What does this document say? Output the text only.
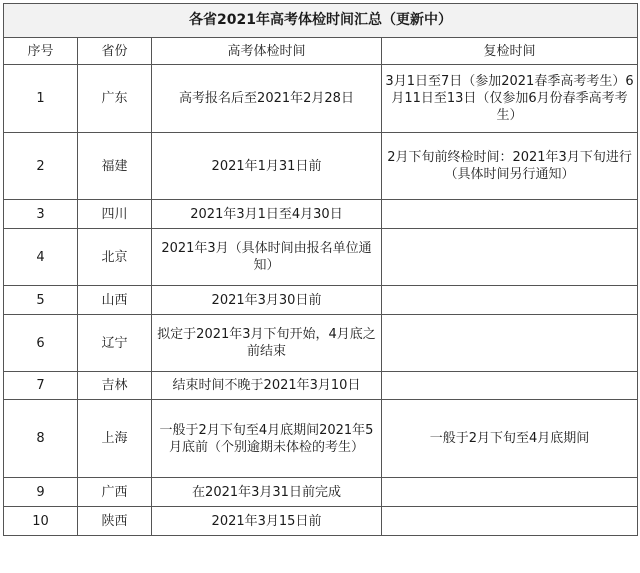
各省2021年高考体检时间汇总（更新中）			
序号	省份	高考体检时间	复检时间
1	广东	高考报名后至2021年2月28日	3月1日至7日（参加2021春季高考考生）6月11日至13日（仅参加6月份春季高考考生）
2	福建	2021年1月31日前	2月下旬前终检时间：2021年3月下旬进行（具体时间另行通知）
3	四川	2021年3月1日至4月30日	
4	北京	2021年3月（具体时间由报名单位通知）	
5	山西	2021年3月30日前	
6	辽宁	拟定于2021年3月下旬开始，4月底之前结束	
7	吉林	结束时间不晚于2021年3月10日	
8	上海	一般于2月下旬至4月底期间2021年5月底前（个别逾期未体检的考生）	一般于2月下旬至4月底期间
9	广西	在2021年3月31日前完成	
10	陕西	2021年3月15日前	
